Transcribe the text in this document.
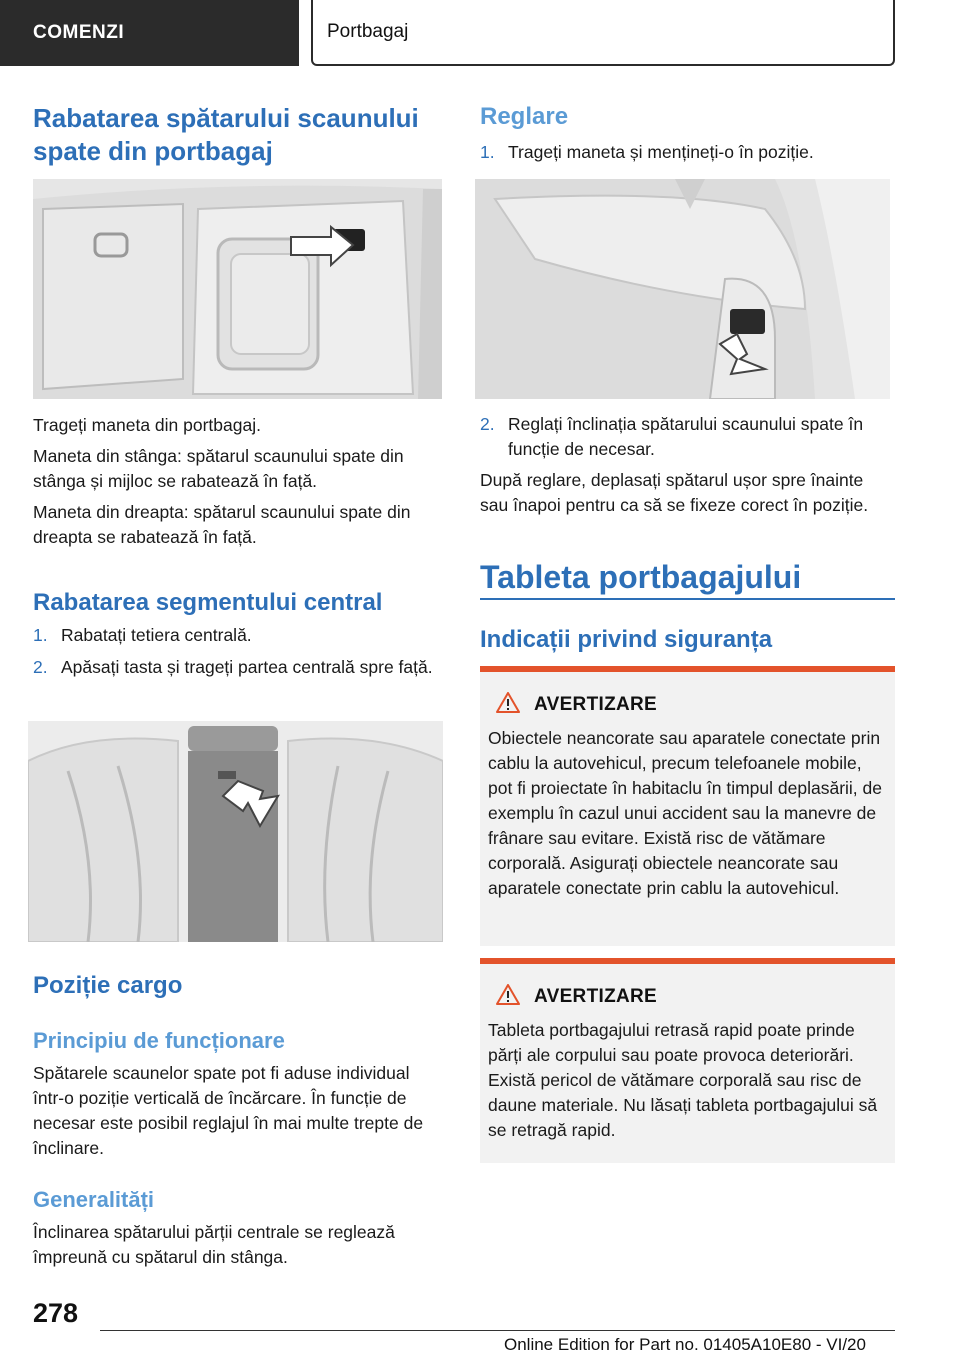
COMENZI	Portbagaj
Rabatarea spătarului scaunului spate din portbagaj

Trageți maneta din portbagaj.

Maneta din stânga: spătarul scaunului spate din stânga și mijloc se rabatează în față.

Maneta din dreapta: spătarul scaunului spate din dreapta se rabatează în față.

Rabatarea segmentului central
1. Rabatați tetiera centrală.
2. Apăsați tasta și trageți partea centrală spre față.
Poziție cargo
Principiu de funcționare

Spătarele scaunelor spate pot fi aduse individual într-o poziție verticală de încărcare. În funcție de necesar este posibil reglajul în mai multe trepte de înclinare.

Generalități

Înclinarea spătarului părții centrale se reglează împreună cu spătarul din stânga.

Reglare
1. Trageți maneta și mențineți-o în poziție.
2. Reglați înclinația spătarului scaunului spate în funcție de necesar.

După reglare, deplasați spătarul ușor spre înainte sau înapoi pentru ca să se fixeze corect în poziție.

Tableta portbagajului
Indicații privind siguranța
AVERTIZARE
Obiectele neancorate sau aparatele conectate prin cablu la autovehicul, precum telefoanele mobile, pot fi proiectate în habitaclu în timpul deplasării, de exemplu în cazul unui accident sau la manevre de frânare sau evitare. Există risc de vătămare corporală. Asigurați obiectele neancorate sau aparatele conectate prin cablu la autovehicul.
AVERTIZARE
Tableta portbagajului retrasă rapid poate prinde părți ale corpului sau poate provoca deteriorări. Există pericol de vătămare corporală sau risc de daune materiale. Nu lăsați tableta portbagajului să se retragă rapid.
278
Online Edition for Part no. 01405A10E80 - VI/20
